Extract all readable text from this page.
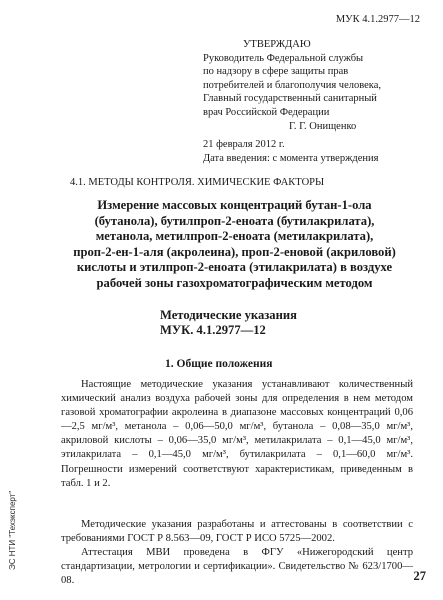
МУК 4.1.2977—12
УТВЕРЖДАЮ
Руководитель Федеральной службы
по надзору в сфере защиты прав
потребителей и благополучия человека,
Главный государственный санитарный
врач Российской Федерации
Г. Г. Онищенко
21 февраля 2012 г.
Дата введения: с момента утверждения
4.1. МЕТОДЫ КОНТРОЛЯ. ХИМИЧЕСКИЕ ФАКТОРЫ
Измерение массовых концентраций бутан-1-ола
(бутанола), бутилпроп-2-еноата (бутилакрилата),
метанола, метилпроп-2-еноата (метилакрилата),
проп-2-ен-1-аля (акролеина), проп-2-еновой (акриловой)
кислоты и этилпроп-2-еноата (этилакрилата) в воздухе
рабочей зоны газохроматографическим методом
Методические указания
МУК. 4.1.2977—12
1. Общие положения

Настоящие методические указания устанавливают количественный химический анализ воздуха рабочей зоны для определения в нем методом газовой хроматографии акролеина в диапазоне массовых концентраций 0,06—2,5 мг/м³, метанола – 0,06—50,0 мг/м³, бутанола – 0,08—35,0 мг/м³, акриловой кислоты – 0,06—35,0 мг/м³, метилакрилата – 0,1—45,0 мг/м³, этилакрилата – 0,1—45,0 мг/м³, бутилакрилата – 0,1—60,0 мг/м³. Погрешности измерений соответствуют характеристикам, приведенным в табл. 1 и 2.

Методические указания разработаны и аттестованы в соответствии с требованиями ГОСТ Р 8.563—09, ГОСТ Р ИСО 5725—2002.

Аттестация МВИ проведена в ФГУ «Нижегородский центр стандартизации, метрологии и сертификации». Свидетельство № 623/1700—08.

ЭС НТИ "Техэксперт"
27
